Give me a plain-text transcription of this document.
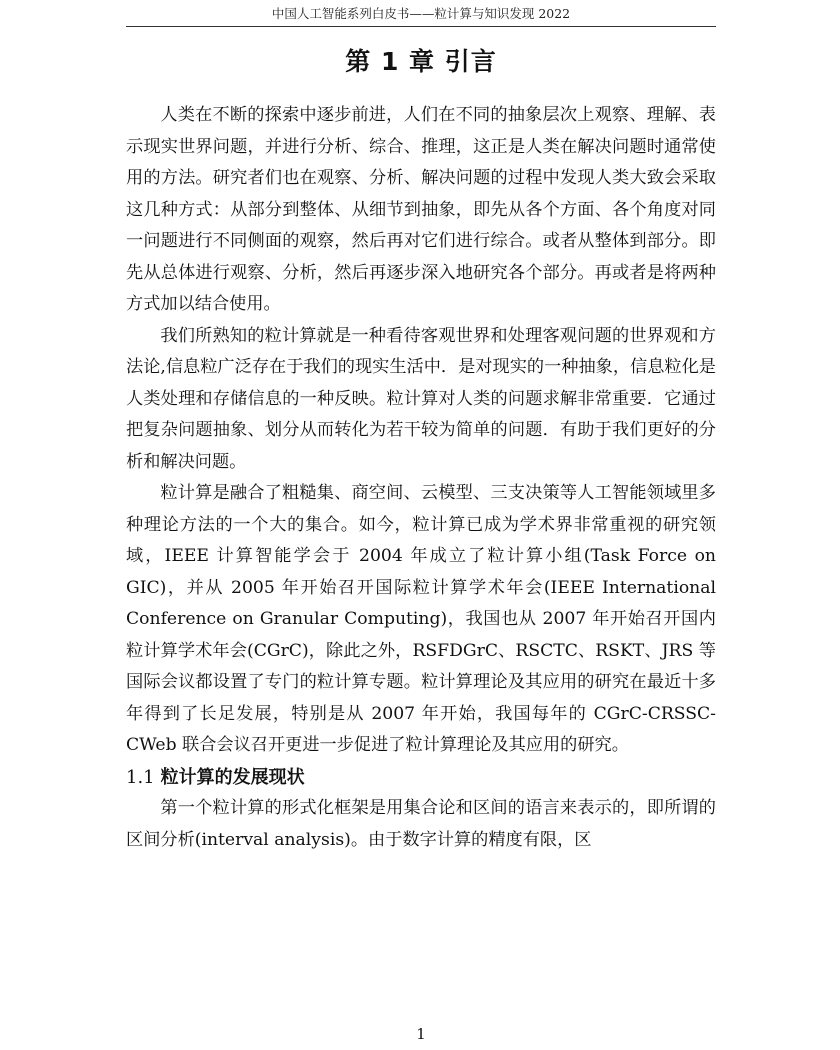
中国人工智能系列白皮书——粒计算与知识发现 2022
第 1 章 引言

人类在不断的探索中逐步前进，人们在不同的抽象层次上观察、理解、表示现实世界问题，并进行分析、综合、推理，这正是人类在解决问题时通常使用的方法。研究者们也在观察、分析、解决问题的过程中发现人类大致会采取这几种方式：从部分到整体、从细节到抽象，即先从各个方面、各个角度对同一问题进行不同侧面的观察，然后再对它们进行综合。或者从整体到部分。即先从总体进行观察、分析，然后再逐步深入地研究各个部分。再或者是将两种方式加以结合使用。

我们所熟知的粒计算就是一种看待客观世界和处理客观问题的世界观和方法论,信息粒广泛存在于我们的现实生活中．是对现实的一种抽象，信息粒化是人类处理和存储信息的一种反映。粒计算对人类的问题求解非常重要．它通过把复杂问题抽象、划分从而转化为若干较为简单的问题．有助于我们更好的分析和解决问题。

粒计算是融合了粗糙集、商空间、云模型、三支决策等人工智能领域里多种理论方法的一个大的集合。如今，粒计算已成为学术界非常重视的研究领域，IEEE 计算智能学会于 2004 年成立了粒计算小组(Task Force on GIC)，并从 2005 年开始召开国际粒计算学术年会(IEEE International Conference on Granular Computing)，我国也从 2007 年开始召开国内粒计算学术年会(CGrC)，除此之外，RSFDGrC、RSCTC、RSKT、JRS 等国际会议都设置了专门的粒计算专题。粒计算理论及其应用的研究在最近十多年得到了长足发展，特别是从 2007 年开始，我国每年的 CGrC-CRSSC-CWeb 联合会议召开更进一步促进了粒计算理论及其应用的研究。

1.1 粒计算的发展现状

第一个粒计算的形式化框架是用集合论和区间的语言来表示的，即所谓的区间分析(interval analysis)。由于数字计算的精度有限，区

1
